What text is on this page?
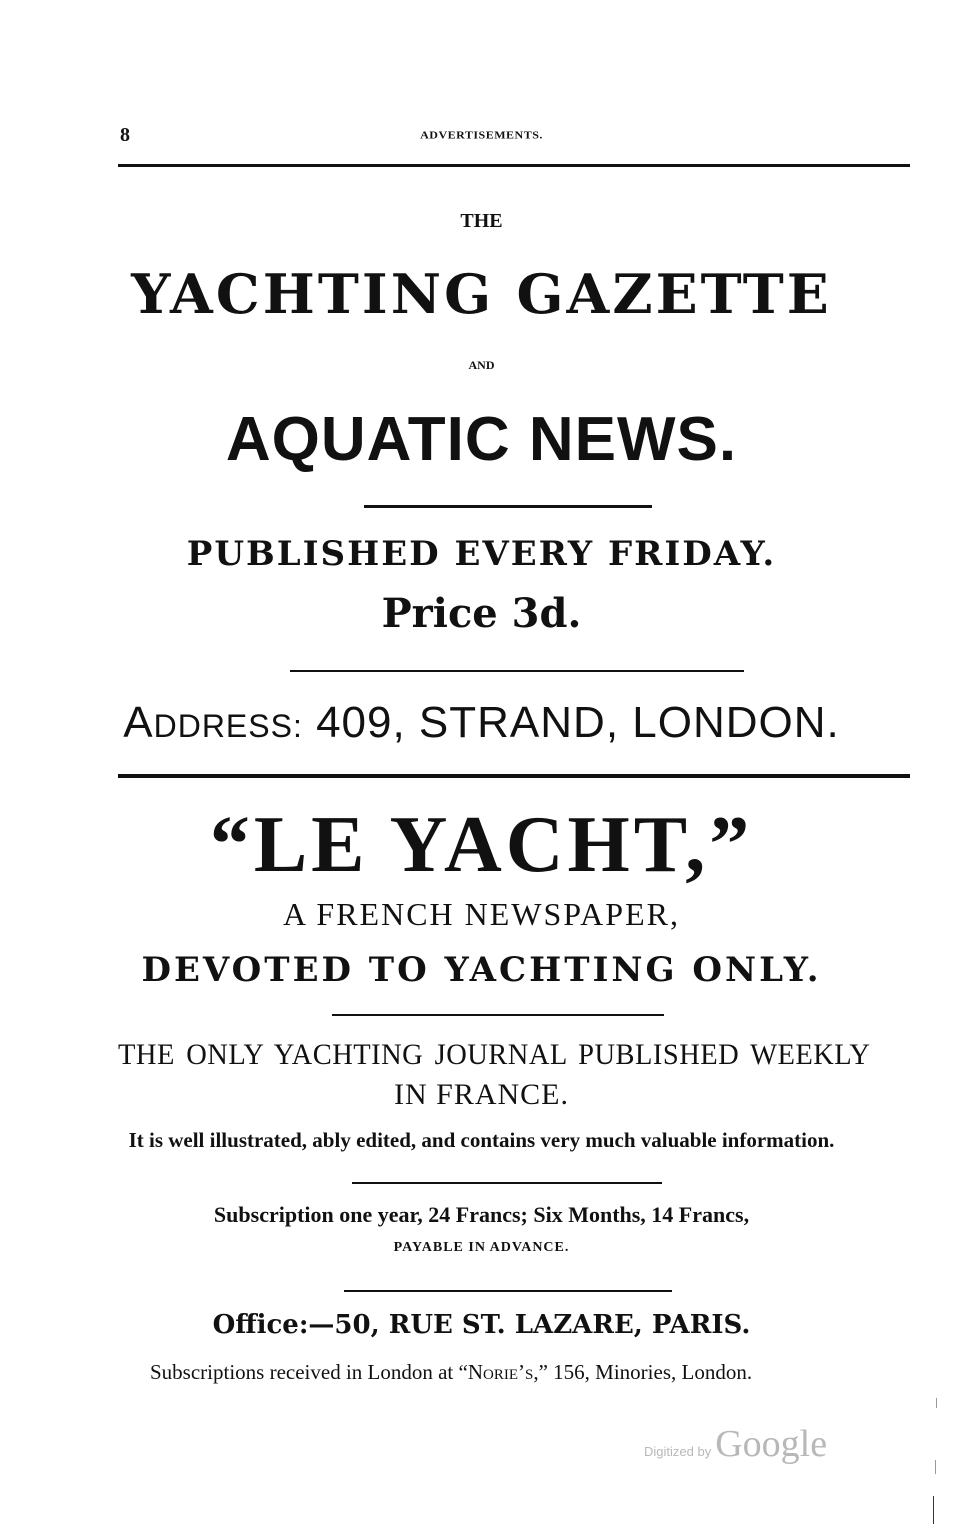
8	ADVERTISEMENTS.
THE
YACHTING GAZETTE
AND
AQUATIC NEWS.
PUBLISHED EVERY FRIDAY.
Price 3d.
ADDRESS: 409, STRAND, LONDON.
“LE YACHT,”
A FRENCH NEWSPAPER,
DEVOTED TO YACHTING ONLY.
THE ONLY YACHTING JOURNAL PUBLISHED WEEKLY
IN FRANCE.
It is well illustrated, ably edited, and contains very much valuable information.
Subscription one year, 24 Francs; Six Months, 14 Francs,
PAYABLE IN ADVANCE.
Office:—50, RUE ST. LAZARE, PARIS.
Subscriptions received in London at “Norie’s,” 156, Minories, London.
Digitized by Google
